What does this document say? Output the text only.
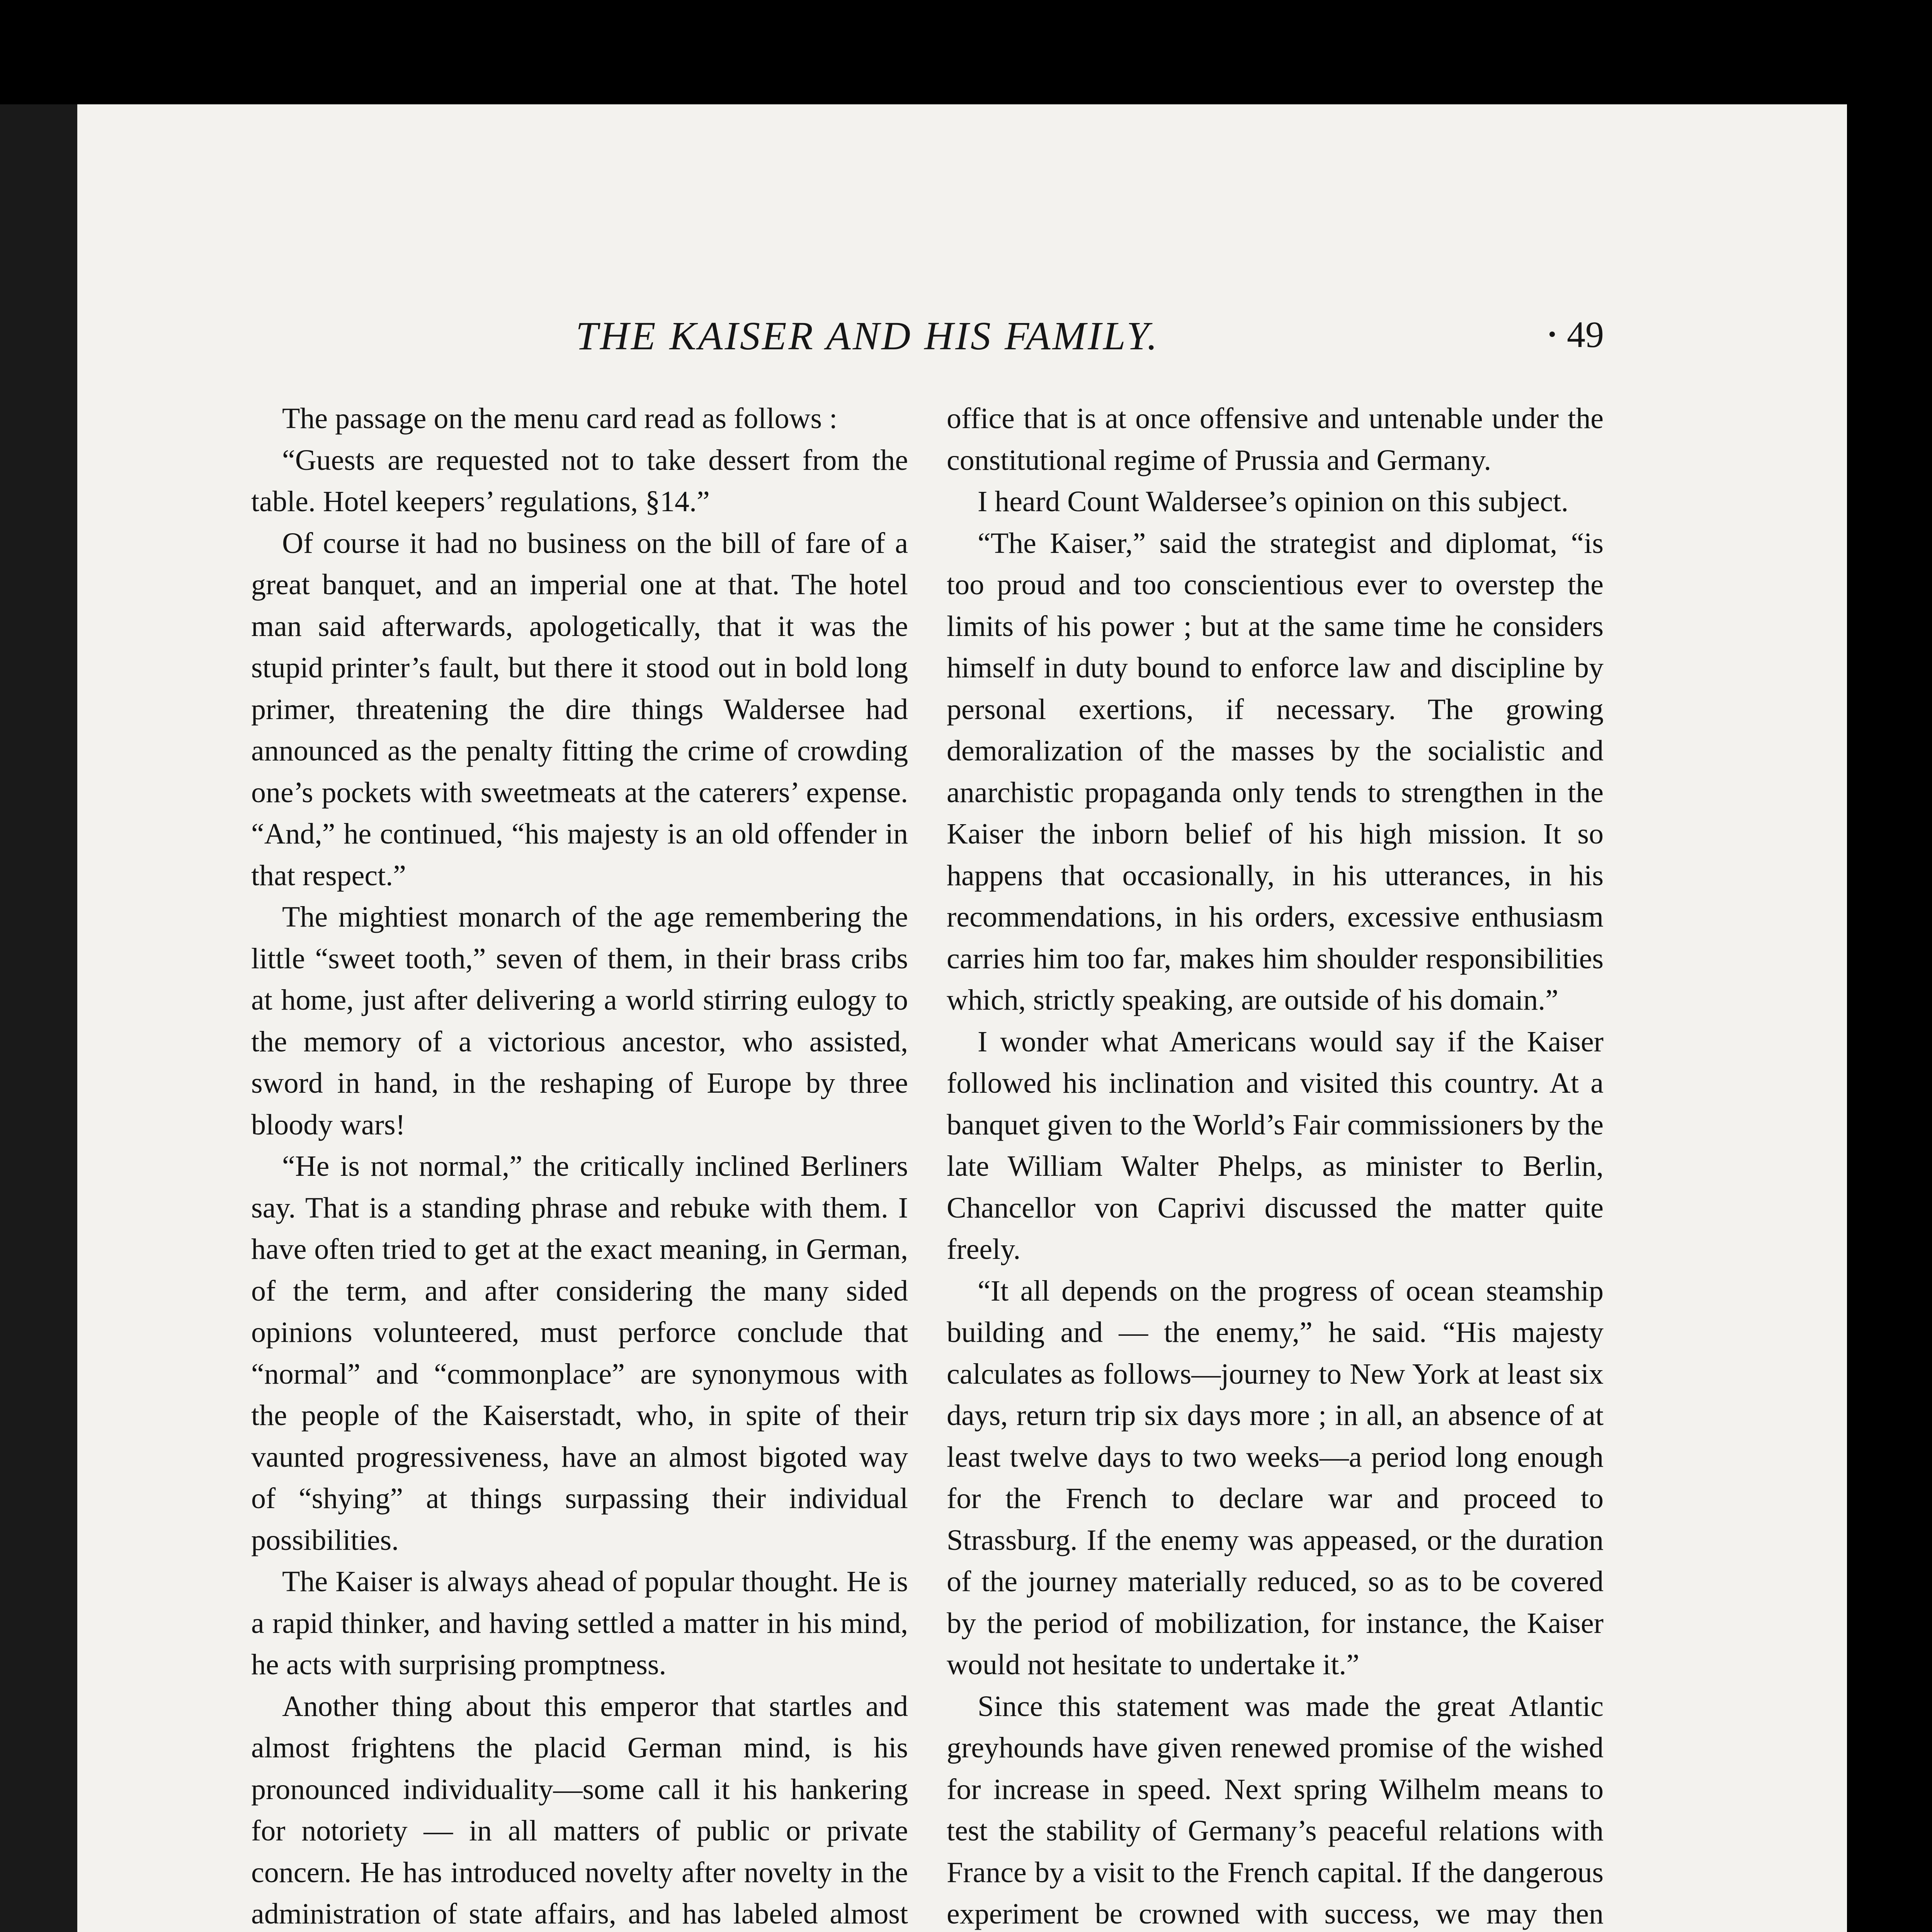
THE KAISER AND HIS FAMILY.	49

The passage on the menu card read as follows :

“Guests are requested not to take dessert from the table. Hotel keepers’ regulations, §14.”

Of course it had no business on the bill of fare of a great banquet, and an imperial one at that. The hotel man said afterwards, apologetically, that it was the stupid printer’s fault, but there it stood out in bold long primer, threatening the dire things Waldersee had announced as the penalty fitting the crime of crowding one’s pockets with sweetmeats at the caterers’ expense. “And,” he continued, “his majesty is an old offender in that respect.”

The mightiest monarch of the age remembering the little “sweet tooth,” seven of them, in their brass cribs at home, just after delivering a world stirring eulogy to the memory of a victorious ancestor, who assisted, sword in hand, in the reshaping of Europe by three bloody wars!

“He is not normal,” the critically inclined Berliners say. That is a standing phrase and rebuke with them. I have often tried to get at the exact meaning, in German, of the term, and after considering the many sided opinions volunteered, must perforce conclude that “normal” and “commonplace” are synonymous with the people of the Kaiserstadt, who, in spite of their vaunted progressiveness, have an almost bigoted way of “shying” at things surpassing their individual possibilities.

The Kaiser is always ahead of popular thought. He is a rapid thinker, and having settled a matter in his mind, he acts with surprising promptness.

Another thing about this emperor that startles and almost frightens the placid German mind, is his pronounced individuality—some call it his hankering for notoriety — in all matters of public or private concern. He has introduced novelty after novelty in the administration of state affairs, and has labeled almost

office that is at once offensive and untenable under the constitutional regime of Prussia and Germany.

I heard Count Waldersee’s opinion on this subject.

“The Kaiser,” said the strategist and diplomat, “is too proud and too conscientious ever to overstep the limits of his power ; but at the same time he considers himself in duty bound to enforce law and discipline by personal exertions, if necessary. The growing demoralization of the masses by the socialistic and anarchistic propaganda only tends to strengthen in the Kaiser the inborn belief of his high mission. It so happens that occasionally, in his utterances, in his recommendations, in his orders, excessive enthusiasm carries him too far, makes him shoulder responsibilities which, strictly speaking, are outside of his domain.”

I wonder what Americans would say if the Kaiser followed his inclination and visited this country. At a banquet given to the World’s Fair commissioners by the late William Walter Phelps, as minister to Berlin, Chancellor von Caprivi discussed the matter quite freely.

“It all depends on the progress of ocean steamship building and — the enemy,” he said. “His majesty calculates as follows—journey to New York at least six days, return trip six days more ; in all, an absence of at least twelve days to two weeks—a period long enough for the French to declare war and proceed to Strassburg. If the enemy was appeased, or the duration of the journey materially reduced, so as to be covered by the period of mobilization, for instance, the Kaiser would not hesitate to undertake it.”

Since this statement was made the great Atlantic greyhounds have given renewed promise of the wished for increase in speed. Next spring Wilhelm means to test the stability of Germany’s peaceful relations with France by a visit to the French capital. If the dangerous experiment be crowned with success, we may then
